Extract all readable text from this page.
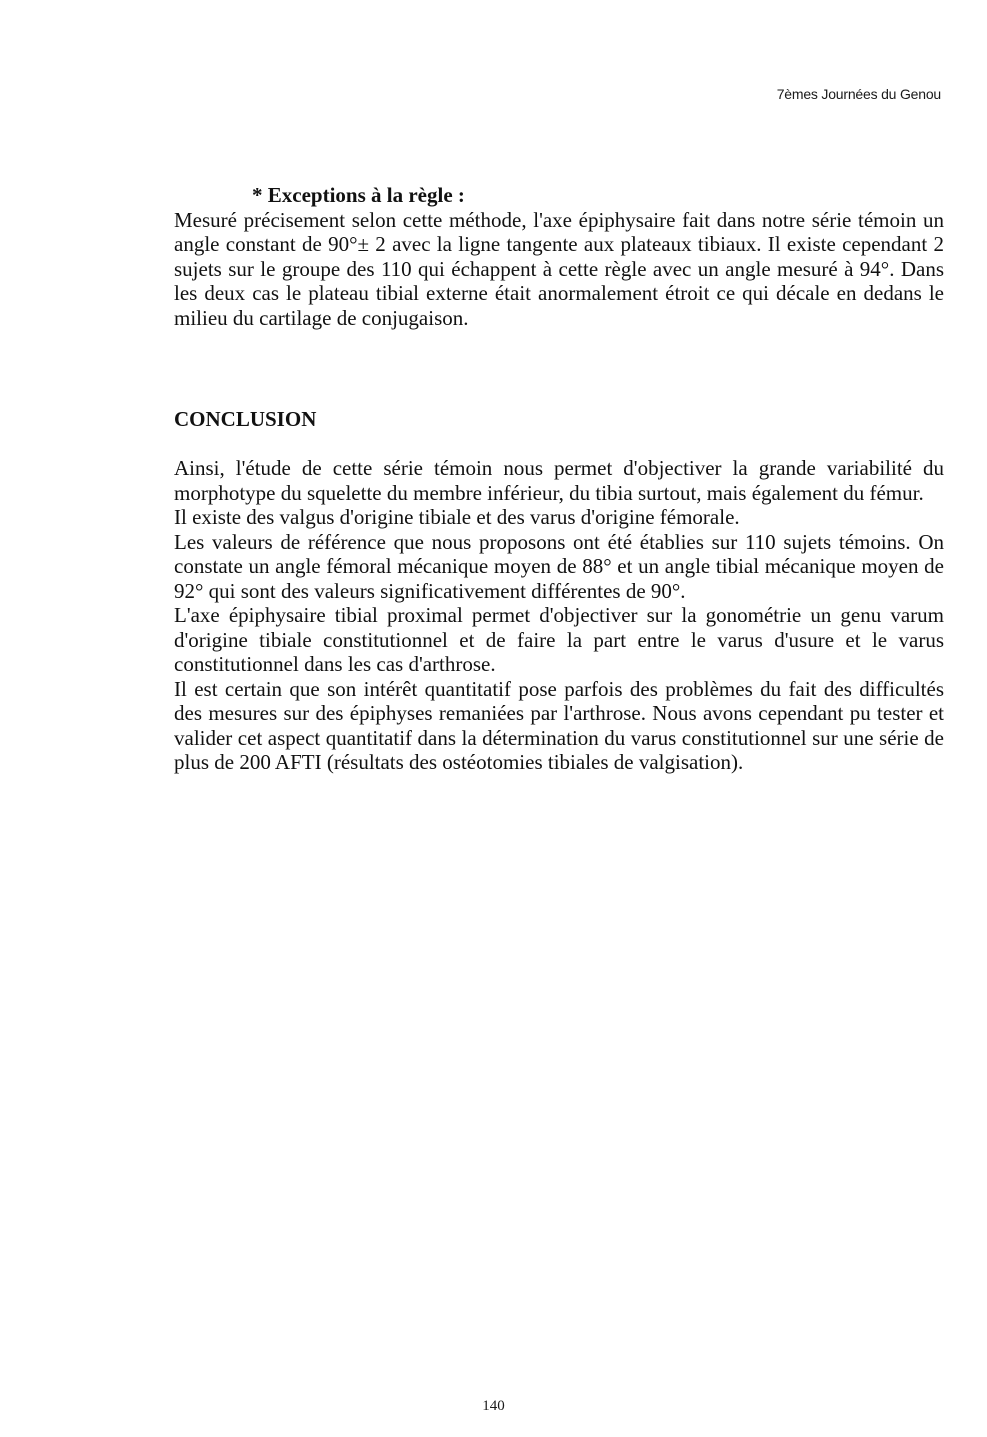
7èmes Journées du Genou

* Exceptions à la règle :

Mesuré précisement selon cette méthode, l'axe épiphysaire fait dans notre série témoin un angle constant de 90°± 2 avec la ligne tangente aux plateaux tibiaux. Il existe cependant 2 sujets sur le groupe des 110 qui échappent à cette règle avec un angle mesuré à 94°. Dans les deux cas le plateau tibial externe était anormalement étroit ce qui décale en dedans le milieu du cartilage de conjugaison.

CONCLUSION

Ainsi, l'étude de cette série témoin nous permet d'objectiver la grande variabilité du morphotype du squelette du membre inférieur, du tibia surtout, mais également du fémur.

Il existe des valgus d'origine tibiale et des varus d'origine fémorale.

Les valeurs de référence que nous proposons ont été établies sur 110 sujets témoins. On constate un angle fémoral mécanique moyen de 88° et un angle tibial mécanique moyen de 92° qui sont des valeurs significativement différentes de 90°.

L'axe épiphysaire tibial proximal permet d'objectiver sur la gonométrie un genu varum d'origine tibiale constitutionnel et de faire la part entre le varus d'usure et le varus constitutionnel dans les cas d'arthrose.

Il est certain que son intérêt quantitatif pose parfois des problèmes du fait des difficultés des mesures sur des épiphyses remaniées par l'arthrose. Nous avons cependant pu tester et valider cet aspect quantitatif dans la détermination du varus constitutionnel sur une série de plus de 200 AFTI (résultats des ostéotomies tibiales de valgisation).

140
